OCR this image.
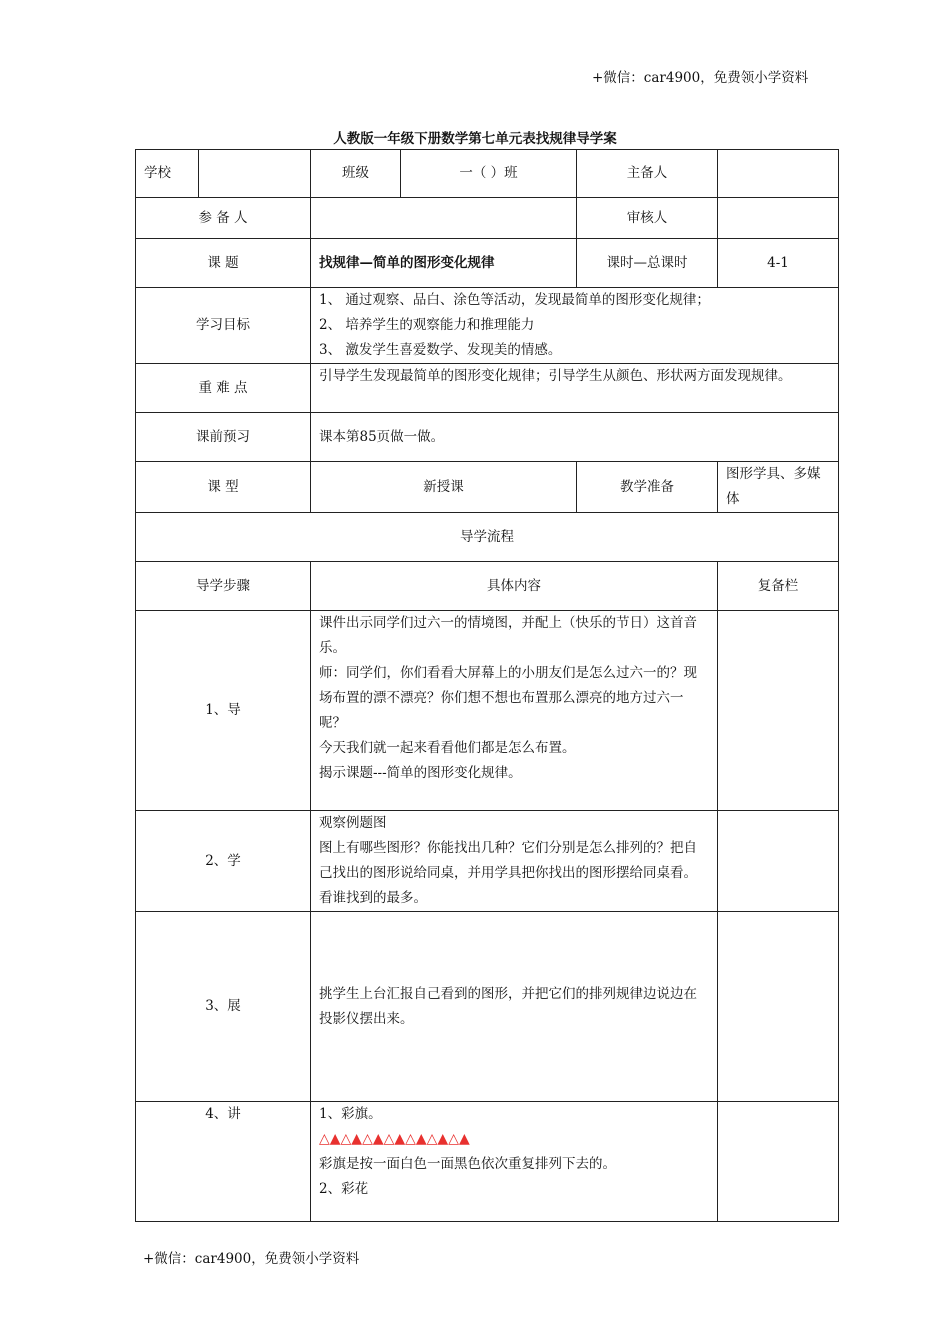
+微信：car4900，免费领小学资料
人教版一年级下册数学第七单元表找规律导学案
学校		班级	一（ ）班	主备人	
参 备 人				审核人	
课 题		找规律—简单的图形变化规律		课时—总课时	4-1
学习目标		1、 通过观察、品白、涂色等活动，发现最简单的图形变化规律；
2、 培养学生的观察能力和推理能力
3、 激发学生喜爱数学、发现美的情感。			

重 难 点		引导学生发现最简单的图形变化规律；引导学生从颜色、形状两方面发现规律。			
课前预习		课本第85页做一做。			
课 型		新授课		教学准备	图形学具、多媒体
导学流程					
导学步骤		具体内容			复备栏
1、导		课件出示同学们过六一的情境图，并配上（快乐的节日）这首音乐。
师：同学们，你们看看大屏幕上的小朋友们是怎么过六一的？现场布置的漂不漂亮？你们想不想也布置那么漂亮的地方过六一呢？
今天我们就一起来看看他们都是怎么布置。
揭示课题---简单的图形变化规律。			

2、学		观察例题图
图上有哪些图形？你能找出几种？它们分别是怎么排列的？把自己找出的图形说给同桌，并用学具把你找出的图形摆给同桌看。看谁找到的最多。			

3、展		挑学生上台汇报自己看到的图形，并把它们的排列规律边说边在投影仪摆出来。			

4、讲		1、彩旗。
△▲△▲△▲△▲△▲△▲△▲
彩旗是按一面白色一面黑色依次重复排列下去的。
2、彩花			

+微信：car4900，免费领小学资料
